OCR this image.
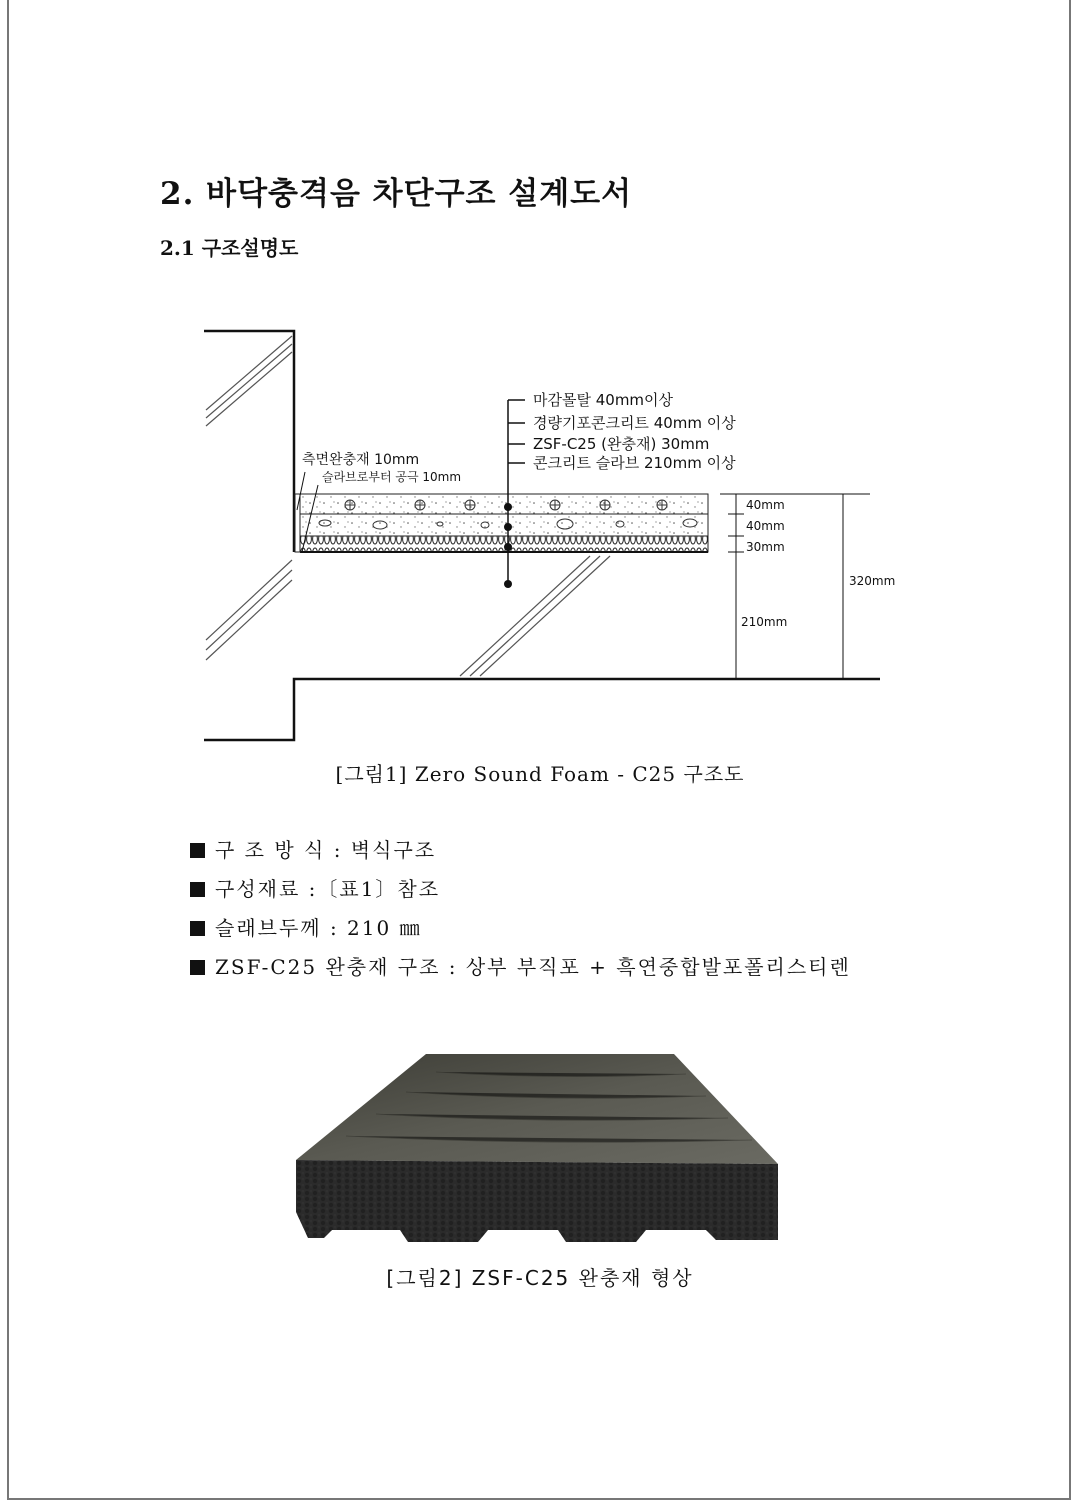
2. 바닥충격음 차단구조 설계도서
2.1 구조설명도
마감몰탈 40mm이상
경량기포콘크리트 40mm 이상
ZSF-C25 (완충재) 30mm
콘크리트 슬라브 210mm 이상
측면완충재 10mm
슬라브로부터 공극 10mm
40mm
40mm
30mm
210mm
320mm
[그림1] Zero Sound Foam - C25 구조도
구 조 방 식 : 벽식구조
구성재료 :〔표1〕참조
슬래브두께 : 210 ㎜
ZSF-C25 완충재 구조 : 상부 부직포 + 흑연중합발포폴리스티렌
[그림2] ZSF-C25 완충재 형상
